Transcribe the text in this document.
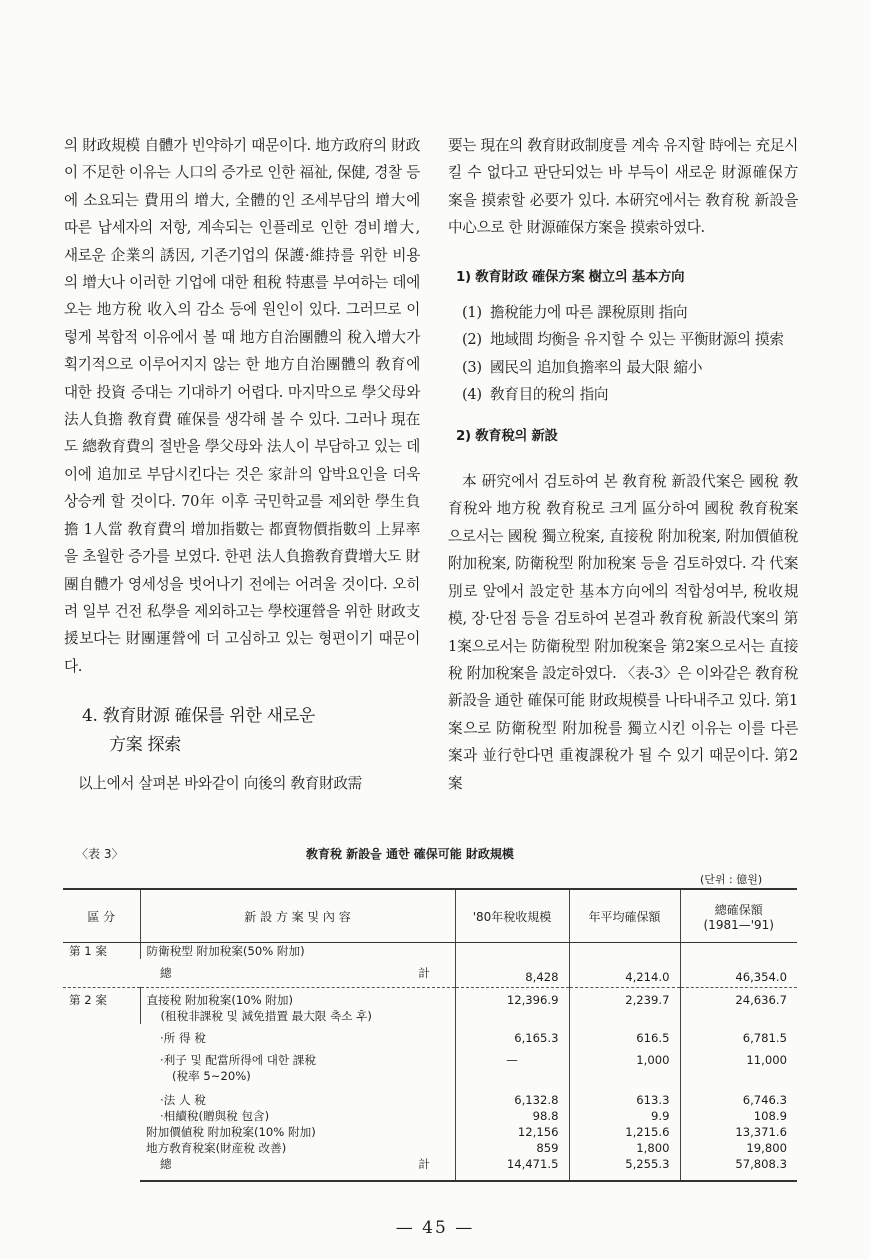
의 財政規模 自體가 빈약하기 때문이다. 地方政府의 財政이 不足한 이유는 人口의 증가로 인한 福祉, 保健, 경찰 등에 소요되는 費用의 增大, 全體的인 조세부담의 增大에 따른 납세자의 저항, 계속되는 인플레로 인한 경비增大, 새로운 企業의 誘因, 기존기업의 保護·維持를 위한 비용의 增大나 이러한 기업에 대한 租稅 特惠를 부여하는 데에 오는 地方稅 收入의 감소 등에 원인이 있다. 그러므로 이렇게 복합적 이유에서 볼 때 地方自治團體의 稅入增大가 획기적으로 이루어지지 않는 한 地方自治團體의 敎育에 대한 投資 증대는 기대하기 어렵다. 마지막으로 學父母와 法人負擔 敎育費 確保를 생각해 볼 수 있다. 그러나 現在도 總敎育費의 절반을 學父母와 法人이 부담하고 있는 데 이에 追加로 부담시킨다는 것은 家計의 압박요인을 더욱 상승케 할 것이다. 70年 이후 국민학교를 제외한 學生負擔 1人當 敎育費의 增加指數는 都賣物價指數의 上昇率을 초월한 증가를 보였다. 한편 法人負擔敎育費增大도 財團自體가 영세성을 벗어나기 전에는 어려울 것이다. 오히려 일부 건전 私學을 제외하고는 學校運營을 위한 財政支援보다는 財團運營에 더 고심하고 있는 형편이기 때문이다.

4. 敎育財源 確保를 위한 새로운
方案 探索

以上에서 살펴본 바와같이 向後의 敎育財政需

要는 現在의 敎育財政制度를 계속 유지할 時에는 充足시킬 수 없다고 판단되었는 바 부득이 새로운 財源確保方案을 摸索할 必要가 있다. 本硏究에서는 敎育稅 新設을 中心으로 한 財源確保方案을 摸索하였다.

1) 敎育財政 確保方案 樹立의 基本方向
(1) 擔稅能力에 따른 課稅原則 指向
(2) 地域間 均衡을 유지할 수 있는 平衡財源의 摸索
(3) 國民의 追加負擔率의 最大限 縮小
(4) 敎育目的稅의 指向
2) 敎育稅의 新設

本 硏究에서 검토하여 본 敎育稅 新設代案은 國稅 敎育稅와 地方稅 敎育稅로 크게 區分하여 國稅 敎育稅案으로서는 國稅 獨立稅案, 直接稅 附加稅案, 附加價値稅 附加稅案, 防衛稅型 附加稅案 등을 검토하였다. 각 代案別로 앞에서 設定한 基本方向에의 적합성여부, 稅收規模, 장·단점 등을 검토하여 본결과 敎育稅 新設代案의 第1案으로서는 防衛稅型 附加稅案을 第2案으로서는 直接稅 附加稅案을 設定하였다. 〈表-3〉은 이와같은 敎育稅 新設을 通한 確保可能 財政規模를 나타내주고 있다. 第1案으로 防衛稅型 附加稅를 獨立시킨 이유는 이를 다른 案과 並行한다면 重複課稅가 될 수 있기 때문이다. 第2案

〈表 3〉	敎育稅 新設을 通한 確保可能 財政規模
(단위 : 億원)
區 分	新 設 方 案 및 內 容	'80年稅收規模	年平均確保額	總確保額
(1981—'91)

第 1 案	防衛稅型 附加稅案(50% 附加)			

	總 計	8,428	4,214.0	46,354.0
第 2 案	直接稅 附加稅案(10% 附加)
(租稅非課稅 및 減免措置 最大限 축소 후)	12,396.9	2,239.7	24,636.7

	·所 得 稅	6,165.3	616.5	6,781.5

	·利子 및 配當所得에 대한 課稅
(稅率 5~20%)	—	1,000	11,000

	·法 人 稅	6,132.8	613.3	6,746.3

	·相續稅(贈與稅 包含)	98.8	9.9	108.9
	附加價値稅 附加稅案(10% 附加)	12,156	1,215.6	13,371.6
	地方敎育稅案(財産稅 改善)	859	1,800	19,800

	總 計	14,471.5	5,255.3	57,808.3
— 45 —
